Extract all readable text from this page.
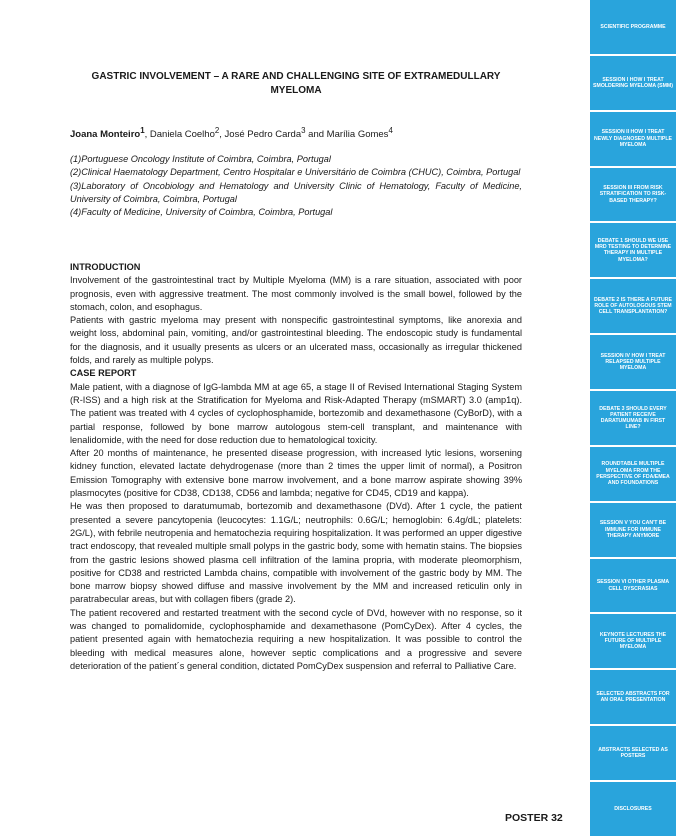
GASTRIC INVOLVEMENT – A RARE AND CHALLENGING SITE OF EXTRAMEDULLARY MYELOMA
Joana Monteiro$^1$, Daniela Coelho$^2$, José Pedro Carda$^3$ and Marília Gomes$^4$
(1)Portuguese Oncology Institute of Coimbra, Coimbra, Portugal
(2)Clinical Haematology Department, Centro Hospitalar e Universitário de Coimbra (CHUC), Coimbra, Portugal
(3)Laboratory of Oncobiology and Hematology and University Clinic of Hematology, Faculty of Medicine, University of Coimbra, Coimbra, Portugal
(4)Faculty of Medicine, University of Coimbra, Coimbra, Portugal

INTRODUCTION

Involvement of the gastrointestinal tract by Multiple Myeloma (MM) is a rare situation, associated with poor prognosis, even with aggressive treatment. The most commonly involved is the small bowel, followed by the stomach, colon, and esophagus.

Patients with gastric myeloma may present with nonspecific gastrointestinal symptoms, like anorexia and weight loss, abdominal pain, vomiting, and/or gastrointestinal bleeding. The endoscopic study is fundamental for the diagnosis, and it usually presents as ulcers or an ulcerated mass, occasionally as irregular thickened folds, and rarely as multiple polyps.

CASE REPORT

Male patient, with a diagnose of IgG-lambda MM at age 65, a stage II of Revised International Staging System (R-ISS) and a high risk at the Stratification for Myeloma and Risk-Adapted Therapy (mSMART) 3.0 (amp1q). The patient was treated with 4 cycles of cyclophosphamide, bortezomib and dexamethasone (CyBorD), with a partial response, followed by bone marrow autologous stem-cell transplant, and maintenance with lenalidomide, with the need for dose reduction due to hematological toxicity.

After 20 months of maintenance, he presented disease progression, with increased lytic lesions, worsening kidney function, elevated lactate dehydrogenase (more than 2 times the upper limit of normal), a Positron Emission Tomography with extensive bone marrow involvement, and a bone marrow aspirate showing 39% plasmocytes (positive for CD38, CD138, CD56 and lambda; negative for CD45, CD19 and kappa).

He was then proposed to daratumumab, bortezomib and dexamethasone (DVd). After 1 cycle, the patient presented a severe pancytopenia (leucocytes: 1.1G/L; neutrophils: 0.6G/L; hemoglobin: 6.4g/dL; platelets: 2G/L), with febrile neutropenia and hematochezia requiring hospitalization. It was performed an upper digestive tract endoscopy, that revealed multiple small polyps in the gastric body, some with hematin stains. The biopsies from the gastric lesions showed plasma cell infiltration of the lamina propria, with moderate pleomorphism, positive for CD38 and restricted Lambda chains, compatible with involvement of the gastric body by MM. The bone marrow biopsy showed diffuse and massive involvement by the MM and increased reticulin only in paratrabecular areas, but with collagen fibers (grade 2).

The patient recovered and restarted treatment with the second cycle of DVd, however with no response, so it was changed to pomalidomide, cyclophosphamide and dexamethasone (PomCyDex). After 4 cycles, the patient presented again with hematochezia requiring a new hospitalization. It was possible to control the bleeding with medical measures alone, however septic complications and a progressive and severe deterioration of the patient´s general condition, dictated PomCyDex suspension and referral to Palliative Care.

POSTER 32
SCIENTIFIC PROGRAMME
SESSION I HOW I TREAT SMOLDERING MYELOMA (SMM)
SESSION II HOW I TREAT NEWLY DIAGNOSED MULTIPLE MYELOMA
SESSION III FROM RISK STRATIFICATION TO RISK-BASED THERAPY?
DEBATE 1 SHOULD WE USE MRD TESTING TO DETERMINE THERAPY IN MULTIPLE MYELOMA?
DEBATE 2 IS THERE A FUTURE ROLE OF AUTOLOGOUS STEM CELL TRANSPLANTATION?
SESSION IV HOW I TREAT RELAPSED MULTIPLE MYELOMA
DEBATE 3 SHOULD EVERY PATIENT RECEIVE DARATUMUMAB IN FIRST LINE?
ROUNDTABLE MULTIPLE MYELOMA FROM THE PERSPECTIVE OF FDA/EMEA AND FOUNDATIONS
SESSION V YOU CAN'T BE IMMUNE FOR IMMUNE THERAPY ANYMORE
SESSION VI OTHER PLASMA CELL DYSCRASIAS
KEYNOTE LECTURES THE FUTURE OF MULTIPLE MYELOMA
SELECTED ABSTRACTS FOR AN ORAL PRESENTATION
ABSTRACTS SELECTED AS POSTERS
DISCLOSURES
